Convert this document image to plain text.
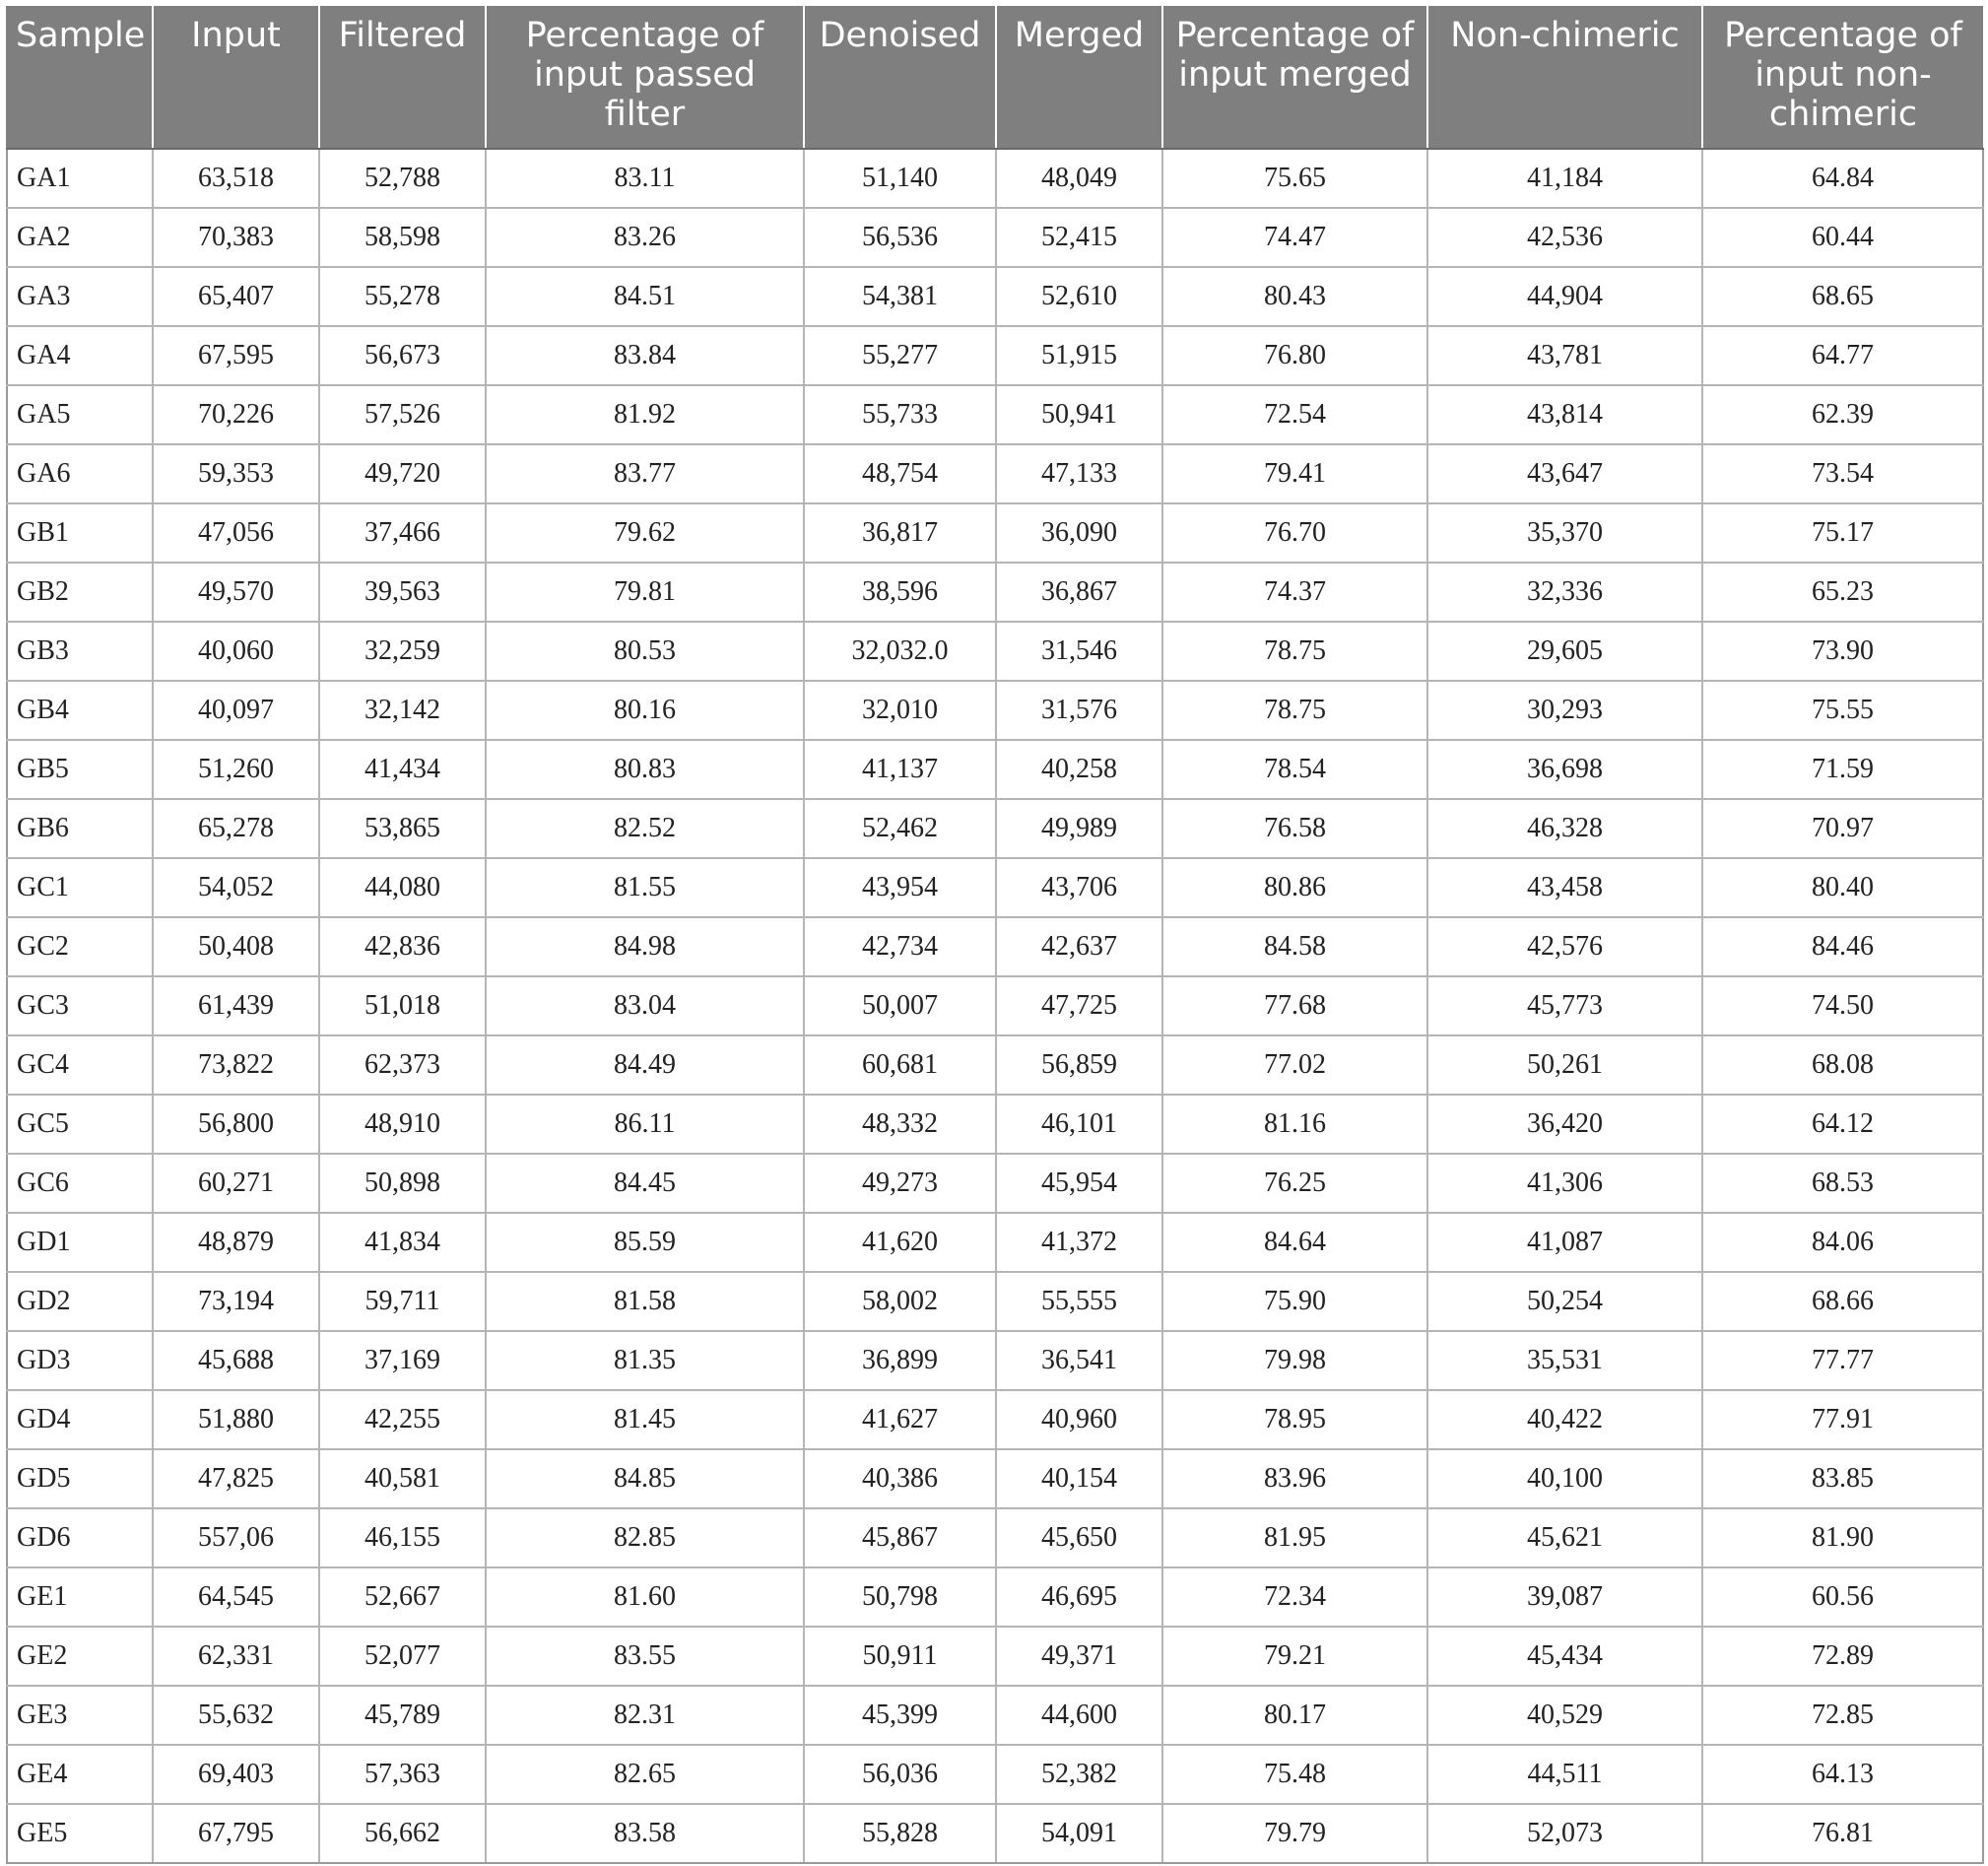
Sample	Input	Filtered	Percentage of input passed filter	Denoised	Merged	Percentage of input merged	Non-chimeric	Percentage of input non-chimeric
GA1	63,518	52,788	83.11	51,140	48,049	75.65	41,184	64.84
GA2	70,383	58,598	83.26	56,536	52,415	74.47	42,536	60.44
GA3	65,407	55,278	84.51	54,381	52,610	80.43	44,904	68.65
GA4	67,595	56,673	83.84	55,277	51,915	76.80	43,781	64.77
GA5	70,226	57,526	81.92	55,733	50,941	72.54	43,814	62.39
GA6	59,353	49,720	83.77	48,754	47,133	79.41	43,647	73.54
GB1	47,056	37,466	79.62	36,817	36,090	76.70	35,370	75.17
GB2	49,570	39,563	79.81	38,596	36,867	74.37	32,336	65.23
GB3	40,060	32,259	80.53	32,032.0	31,546	78.75	29,605	73.90
GB4	40,097	32,142	80.16	32,010	31,576	78.75	30,293	75.55
GB5	51,260	41,434	80.83	41,137	40,258	78.54	36,698	71.59
GB6	65,278	53,865	82.52	52,462	49,989	76.58	46,328	70.97
GC1	54,052	44,080	81.55	43,954	43,706	80.86	43,458	80.40
GC2	50,408	42,836	84.98	42,734	42,637	84.58	42,576	84.46
GC3	61,439	51,018	83.04	50,007	47,725	77.68	45,773	74.50
GC4	73,822	62,373	84.49	60,681	56,859	77.02	50,261	68.08
GC5	56,800	48,910	86.11	48,332	46,101	81.16	36,420	64.12
GC6	60,271	50,898	84.45	49,273	45,954	76.25	41,306	68.53
GD1	48,879	41,834	85.59	41,620	41,372	84.64	41,087	84.06
GD2	73,194	59,711	81.58	58,002	55,555	75.90	50,254	68.66
GD3	45,688	37,169	81.35	36,899	36,541	79.98	35,531	77.77
GD4	51,880	42,255	81.45	41,627	40,960	78.95	40,422	77.91
GD5	47,825	40,581	84.85	40,386	40,154	83.96	40,100	83.85
GD6	557,06	46,155	82.85	45,867	45,650	81.95	45,621	81.90
GE1	64,545	52,667	81.60	50,798	46,695	72.34	39,087	60.56
GE2	62,331	52,077	83.55	50,911	49,371	79.21	45,434	72.89
GE3	55,632	45,789	82.31	45,399	44,600	80.17	40,529	72.85
GE4	69,403	57,363	82.65	56,036	52,382	75.48	44,511	64.13
GE5	67,795	56,662	83.58	55,828	54,091	79.79	52,073	76.81
